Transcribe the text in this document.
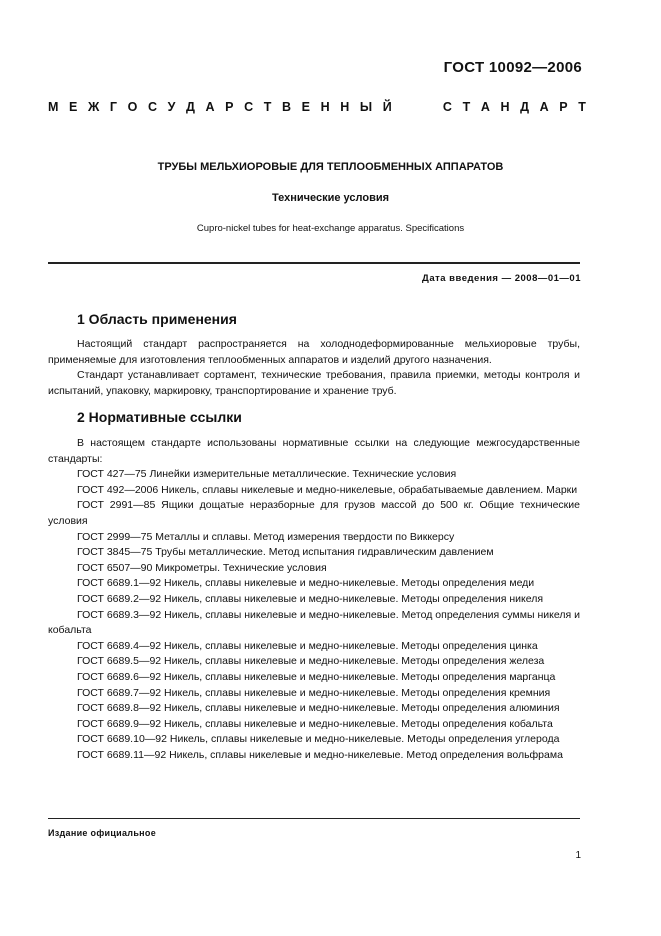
ГОСТ 10092—2006
М Е Ж Г О С У Д А Р С Т В Е Н Н Ы Й	С Т А Н Д А Р Т
ТРУБЫ МЕЛЬХИОРОВЫЕ ДЛЯ ТЕПЛООБМЕННЫХ АППАРАТОВ
Технические условия
Cupro-nickel tubes for heat-exchange apparatus. Specifications
Дата введения — 2008—01—01
1 Область применения
Настоящий стандарт распространяется на холоднодеформированные мельхиоровые трубы, применяемые для изготовления теплообменных аппаратов и изделий другого назначения.
Стандарт устанавливает сортамент, технические требования, правила приемки, методы контроля и испытаний, упаковку, маркировку, транспортирование и хранение труб.
2 Нормативные ссылки
В настоящем стандарте использованы нормативные ссылки на следующие межгосударственные стандарты:
ГОСТ 427—75 Линейки измерительные металлические. Технические условия
ГОСТ 492—2006 Никель, сплавы никелевые и медно-никелевые, обрабатываемые давлением. Марки
ГОСТ 2991—85 Ящики дощатые неразборные для грузов массой до 500 кг. Общие технические условия
ГОСТ 2999—75 Металлы и сплавы. Метод измерения твердости по Виккерсу
ГОСТ 3845—75 Трубы металлические. Метод испытания гидравлическим давлением
ГОСТ 6507—90 Микрометры. Технические условия
ГОСТ 6689.1—92 Никель, сплавы никелевые и медно-никелевые. Методы определения меди
ГОСТ 6689.2—92 Никель, сплавы никелевые и медно-никелевые. Методы определения никеля
ГОСТ 6689.3—92 Никель, сплавы никелевые и медно-никелевые. Метод определения суммы никеля и кобальта
ГОСТ 6689.4—92 Никель, сплавы никелевые и медно-никелевые. Методы определения цинка
ГОСТ 6689.5—92 Никель, сплавы никелевые и медно-никелевые. Методы определения железа
ГОСТ 6689.6—92 Никель, сплавы никелевые и медно-никелевые. Методы определения марганца
ГОСТ 6689.7—92 Никель, сплавы никелевые и медно-никелевые. Методы определения кремния
ГОСТ 6689.8—92 Никель, сплавы никелевые и медно-никелевые. Методы определения алюминия
ГОСТ 6689.9—92 Никель, сплавы никелевые и медно-никелевые. Методы определения кобальта
ГОСТ 6689.10—92 Никель, сплавы никелевые и медно-никелевые. Методы определения углерода
ГОСТ 6689.11—92 Никель, сплавы никелевые и медно-никелевые. Метод определения вольфрама
Издание официальное
1
